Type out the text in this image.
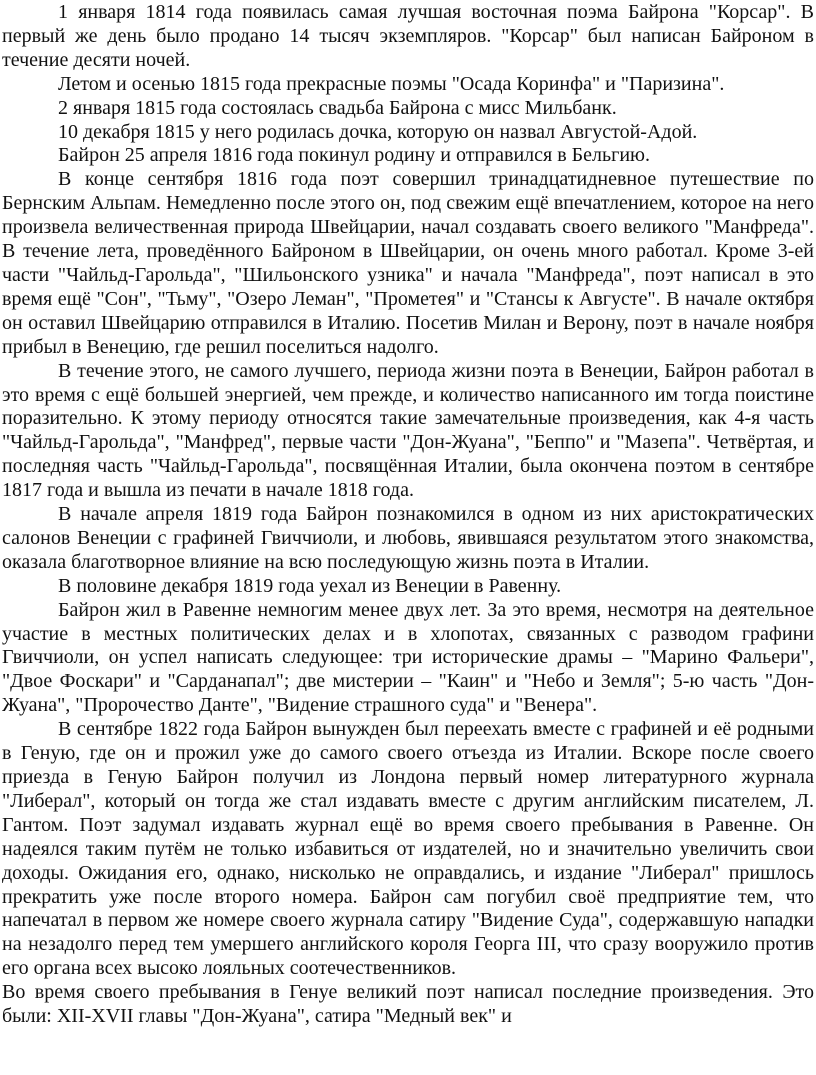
1 января 1814 года появилась самая лучшая восточная поэма Байрона "Корсар". В первый же день было продано 14 тысяч экземпляров. "Корсар" был написан Байроном в течение десяти ночей.

Летом и осенью 1815 года прекрасные поэмы "Осада Коринфа" и "Паризина".

2 января 1815 года состоялась свадьба Байрона с мисс Мильбанк.

10 декабря 1815 у него родилась дочка, которую он назвал Августой-Адой.

Байрон 25 апреля 1816 года покинул родину и отправился в Бельгию.

В конце сентября 1816 года поэт совершил тринадцатидневное путешествие по Бернским Альпам. Немедленно после этого он, под свежим ещё впечатлением, которое на него произвела величественная природа Швейцарии, начал создавать своего великого "Манфреда". В течение лета, проведённого Байроном в Швейцарии, он очень много работал. Кроме 3-ей части "Чайльд-Гарольда", "Шильонского узника" и начала "Манфреда", поэт написал в это время ещё "Сон", "Тьму", "Озеро Леман", "Прометея" и "Стансы к Августе". В начале октября он оставил Швейцарию отправился в Италию. Посетив Милан и Верону, поэт в начале ноября прибыл в Венецию, где решил поселиться надолго.

В течение этого, не самого лучшего, периода жизни поэта в Венеции, Байрон работал в это время с ещё большей энергией, чем прежде, и количество написанного им тогда поистине поразительно. К этому периоду относятся такие замечательные произведения, как 4-я часть "Чайльд-Гарольда", "Манфред", первые части "Дон-Жуана", "Беппо" и "Мазепа". Четвёртая, и последняя часть "Чайльд-Гарольда", посвящённая Италии, была окончена поэтом в сентябре 1817 года и вышла из печати в начале 1818 года.

В начале апреля 1819 года Байрон познакомился в одном из них аристократических салонов Венеции с графиней Гвиччиоли, и любовь, явившаяся результатом этого знакомства, оказала благотворное влияние на всю последующую жизнь поэта в Италии.

В половине декабря 1819 года уехал из Венеции в Равенну.

Байрон жил в Равенне немногим менее двух лет. За это время, несмотря на деятельное участие в местных политических делах и в хлопотах, связанных с разводом графини Гвиччиоли, он успел написать следующее: три исторические драмы – "Марино Фальери", "Двое Фоскари" и "Сарданапал"; две мистерии – "Каин" и "Небо и Земля"; 5-ю часть "Дон-Жуана", "Пророчество Данте", "Видение страшного суда" и "Венера".

В сентябре 1822 года Байрон вынужден был переехать вместе с графиней и её родными в Геную, где он и прожил уже до самого своего отъезда из Италии. Вскоре после своего приезда в Геную Байрон получил из Лондона первый номер литературного журнала "Либерал", который он тогда же стал издавать вместе с другим английским писателем, Л. Гантом. Поэт задумал издавать журнал ещё во время своего пребывания в Равенне. Он надеялся таким путём не только избавиться от издателей, но и значительно увеличить свои доходы. Ожидания его, однако, нисколько не оправдались, и издание "Либерал" пришлось прекратить уже после второго номера. Байрон сам погубил своё предприятие тем, что напечатал в первом же номере своего журнала сатиру "Видение Суда", содержавшую нападки на незадолго перед тем умершего английского короля Георга III, что сразу вооружило против его органа всех высоко лояльных соотечественников.

Во время своего пребывания в Генуе великий поэт написал последние произведения. Это были: XII-XVII главы "Дон-Жуана", сатира "Медный век" и
